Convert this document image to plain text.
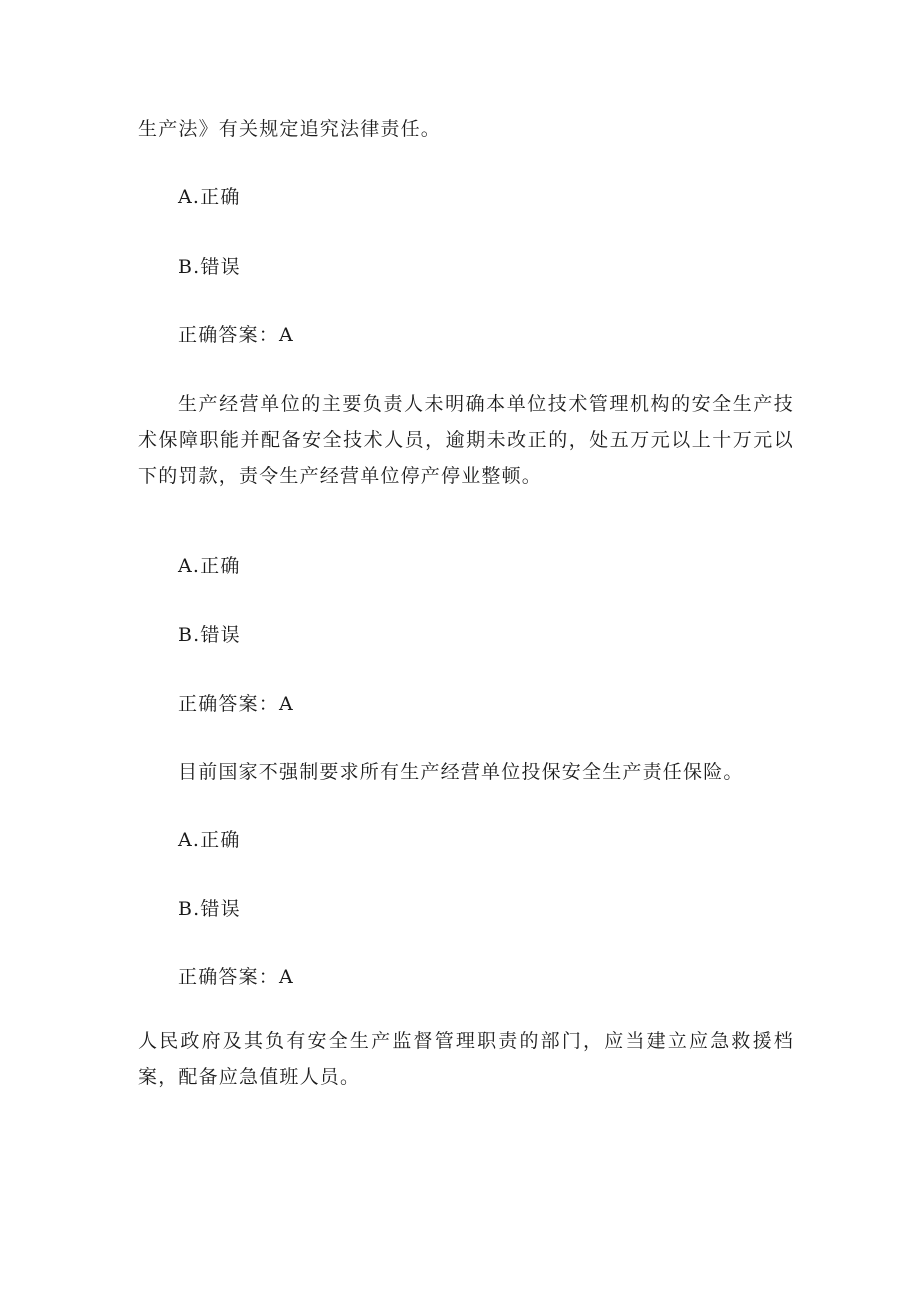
生产法》有关规定追究法律责任。
A.正确
B.错误
正确答案：A
生产经营单位的主要负责人未明确本单位技术管理机构的安全生产技术保障职能并配备安全技术人员，逾期未改正的，处五万元以上十万元以下的罚款，责令生产经营单位停产停业整顿。
A.正确
B.错误
正确答案：A
目前国家不强制要求所有生产经营单位投保安全生产责任保险。
A.正确
B.错误
正确答案：A
人民政府及其负有安全生产监督管理职责的部门，应当建立应急救援档案，配备应急值班人员。
